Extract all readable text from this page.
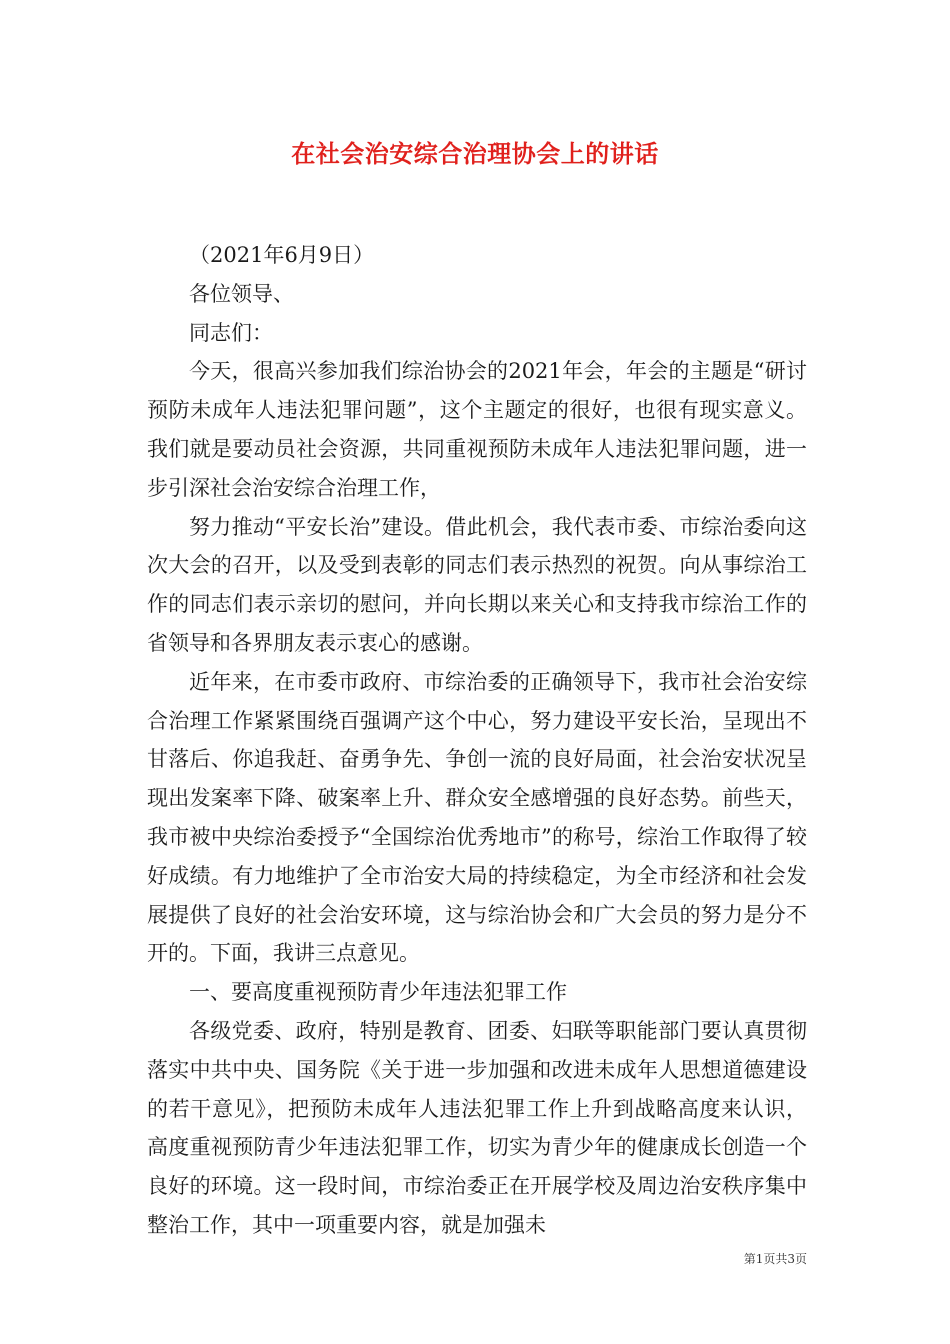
在社会治安综合治理协会上的讲话

（2021年6月9日）

各位领导、

同志们：

今天，很高兴参加我们综治协会的2021年会，年会的主题是“研讨预防未成年人违法犯罪问题”，这个主题定的很好，也很有现实意义。我们就是要动员社会资源，共同重视预防未成年人违法犯罪问题，进一步引深社会治安综合治理工作，

努力推动“平安长治”建设。借此机会，我代表市委、市综治委向这次大会的召开，以及受到表彰的同志们表示热烈的祝贺。向从事综治工作的同志们表示亲切的慰问，并向长期以来关心和支持我市综治工作的省领导和各界朋友表示衷心的感谢。

近年来，在市委市政府、市综治委的正确领导下，我市社会治安综合治理工作紧紧围绕百强调产这个中心，努力建设平安长治，呈现出不甘落后、你追我赶、奋勇争先、争创一流的良好局面，社会治安状况呈现出发案率下降、破案率上升、群众安全感增强的良好态势。前些天，我市被中央综治委授予“全国综治优秀地市”的称号，综治工作取得了较好成绩。有力地维护了全市治安大局的持续稳定，为全市经济和社会发展提供了良好的社会治安环境，这与综治协会和广大会员的努力是分不开的。下面，我讲三点意见。

一、要高度重视预防青少年违法犯罪工作

各级党委、政府，特别是教育、团委、妇联等职能部门要认真贯彻落实中共中央、国务院《关于进一步加强和改进未成年人思想道德建设的若干意见》，把预防未成年人违法犯罪工作上升到战略高度来认识，高度重视预防青少年违法犯罪工作，切实为青少年的健康成长创造一个良好的环境。这一段时间，市综治委正在开展学校及周边治安秩序集中整治工作，其中一项重要内容，就是加强未

第1页共3页
